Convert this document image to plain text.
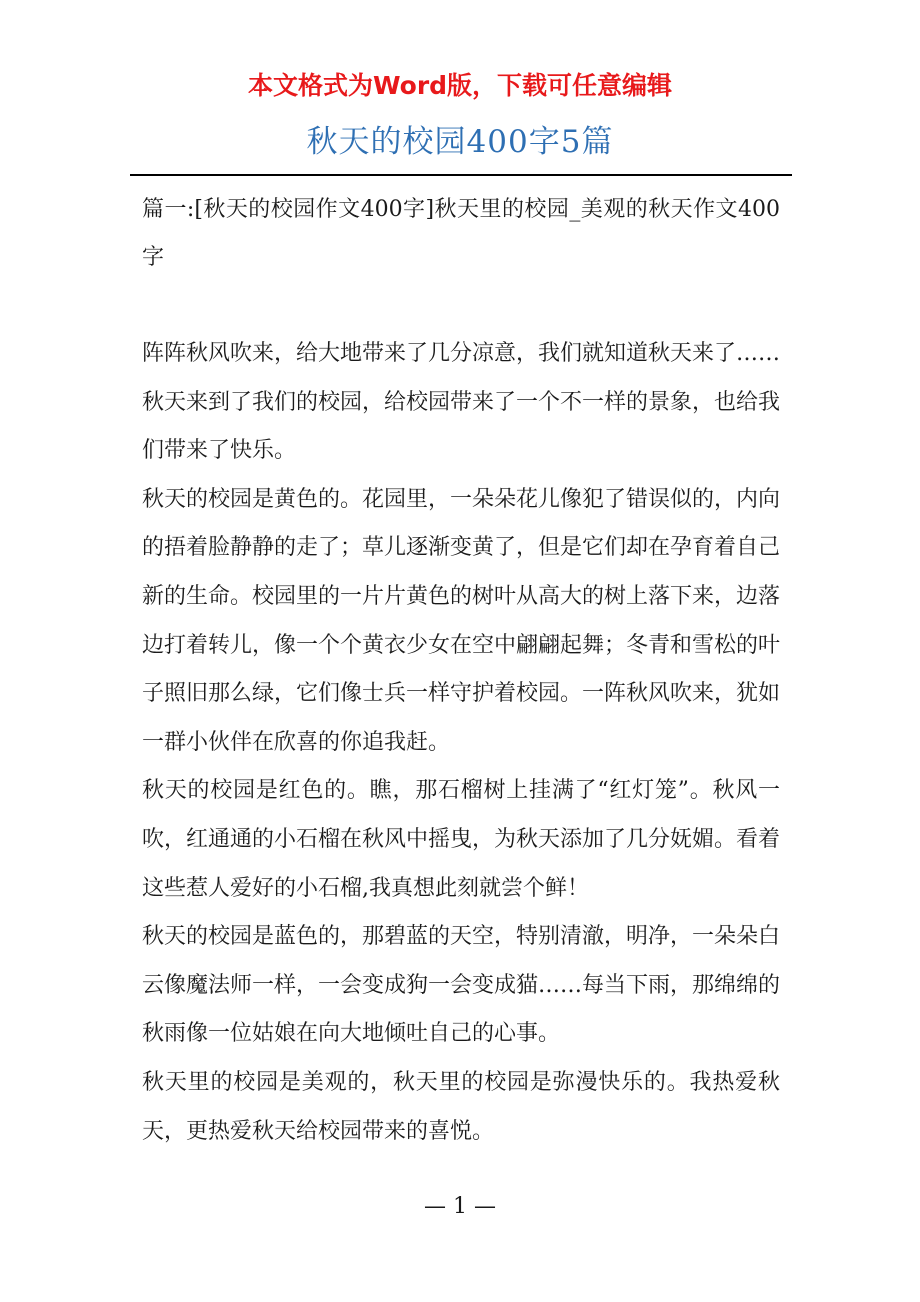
本文格式为Word版，下载可任意编辑
秋天的校园400字5篇

篇一:[秋天的校园作文400字]秋天里的校园_美观的秋天作文400字

阵阵秋风吹来，给大地带来了几分凉意，我们就知道秋天来了……秋天来到了我们的校园，给校园带来了一个不一样的景象，也给我们带来了快乐。

秋天的校园是黄色的。花园里，一朵朵花儿像犯了错误似的，内向的捂着脸静静的走了；草儿逐渐变黄了，但是它们却在孕育着自己新的生命。校园里的一片片黄色的树叶从高大的树上落下来，边落边打着转儿，像一个个黄衣少女在空中翩翩起舞；冬青和雪松的叶子照旧那么绿，它们像士兵一样守护着校园。一阵秋风吹来，犹如一群小伙伴在欣喜的你追我赶。

秋天的校园是红色的。瞧，那石榴树上挂满了“红灯笼”。秋风一吹，红通通的小石榴在秋风中摇曳，为秋天添加了几分妩媚。看着这些惹人爱好的小石榴,我真想此刻就尝个鲜！

秋天的校园是蓝色的，那碧蓝的天空，特别清澈，明净，一朵朵白云像魔法师一样，一会变成狗一会变成猫……每当下雨，那绵绵的秋雨像一位姑娘在向大地倾吐自己的心事。

秋天里的校园是美观的，秋天里的校园是弥漫快乐的。我热爱秋天，更热爱秋天给校园带来的喜悦。

— 1 —
